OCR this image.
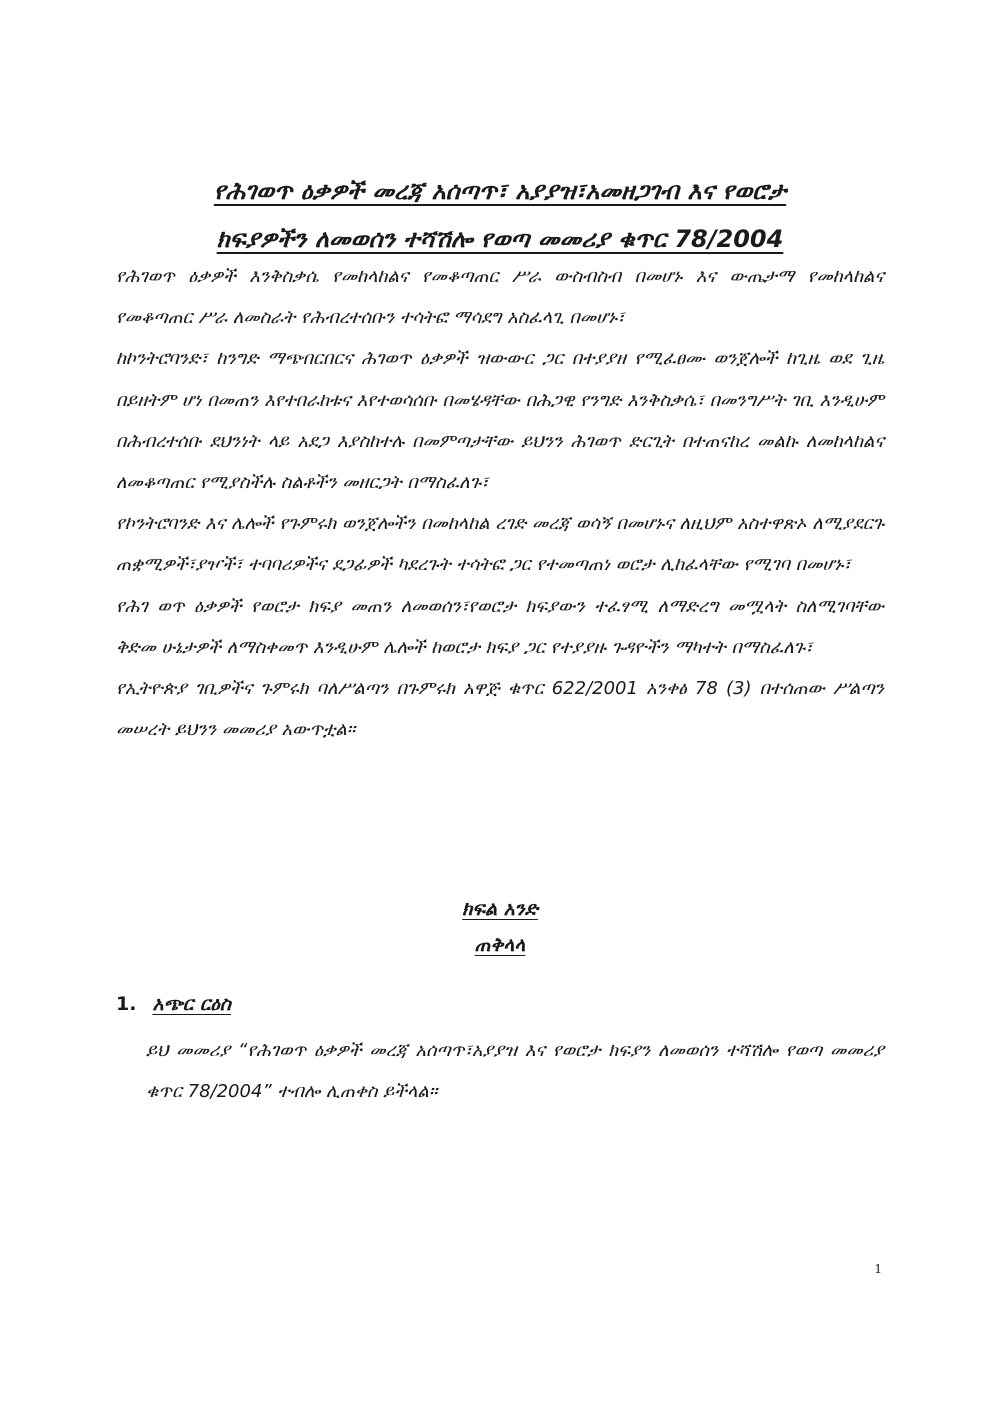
የሕገወጥ ዕቃዎች መረጃ አሰጣጥ፣ አያያዝ፣አመዘጋገብ እና የወሮታ
ክፍያዎችን ለመወሰን ተሻሽሎ የወጣ መመሪያ ቁጥር 78/2004

የሕገወጥ ዕቃዎች እንቅስቃሴ የመከላከልና የመቆጣጠር ሥራ ውስብስብ በመሆኑ እና ውጤታማ የመከላከልና የመቆጣጠር ሥራ ለመስራት የሕብረተሰቡን ተሳትፎ ማሳደግ አስፈላጊ በመሆኑ፣

ከኮንትሮባንድ፣ ከንግድ ማጭበርበርና ሕገወጥ ዕቃዎች ዝውውር ጋር በተያያዘ የሚፈፀሙ ወንጀሎች ከጊዜ ወደ ጊዜ በይዘትም ሆነ በመጠን እየተበራከቱና እየተወሳሰቡ በመሄዳቸው በሕጋዊ የንግድ እንቅስቃሴ፣ በመንግሥት ገቢ እንዲሁም በሕብረተሰቡ ደህንነት ላይ አደጋ እያስከተሉ በመምጣታቸው ይህንን ሕገወጥ ድርጊት በተጠናከረ መልኩ ለመከላከልና ለመቆጣጠር የሚያስችሉ ስልቶችን መዘርጋት በማስፈለጉ፣

የኮንትሮባንድ እና ሌሎች የጉምሩክ ወንጀሎችን በመከላከል ረገድ መረጃ ወሳኝ በመሆኑና ለዚህም አስተዋጽኦ ለሚያደርጉ ጠቋሚዎች፣ያዦች፣ ተባባሪዎችና ደጋፊዎች ካደረጉት ተሳትፎ ጋር የተመጣጠነ ወሮታ ሊከፈላቸው የሚገባ በመሆኑ፣

የሕገ ወጥ ዕቃዎች የወሮታ ክፍያ መጠን ለመወሰን፣የወሮታ ክፍያውን ተፈፃሚ ለማድረግ መሟላት ስለሚገባቸው ቅድመ ሁኔታዎች ለማስቀመጥ እንዲሁም ሌሎች ከወሮታ ክፍያ ጋር የተያያዙ ጉዳዮችን ማካተት በማስፈለጉ፣

የኢትዮጵያ ገቢዎችና ጉምሩክ ባለሥልጣን በጉምሩክ አዋጅ ቁጥር 622/2001 አንቀፅ 78 (3) በተሰጠው ሥልጣን መሠረት ይህንን መመሪያ አውጥቷል፡፡

ክፍል አንድ
ጠቅላላ

1. አጭር ርዕስ

ይህ መመሪያ “የሕገወጥ ዕቃዎች መረጃ አሰጣጥ፣አያያዝ እና የወሮታ ክፍያን ለመወሰን ተሻሽሎ የወጣ መመሪያ ቁጥር 78/2004” ተብሎ ሊጠቀስ ይችላል፡፡

1
